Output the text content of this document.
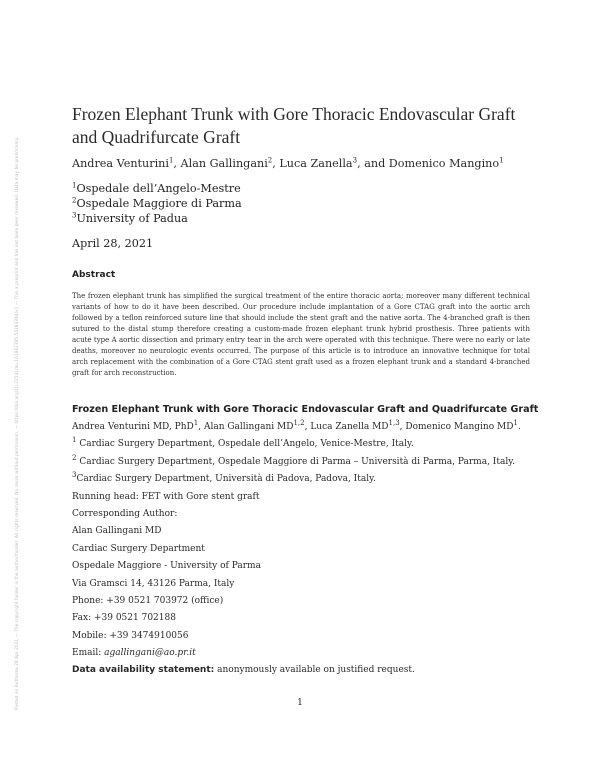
Posted on Authorea 28 Apr 2021 — The copyright holder is the author/funder. All rights reserved. No reuse without permission. — https://doi.org/10.22541/au.161962395.54283394/v1 — This a preprint and has not been peer reviewed. Data may be preliminary.
Frozen Elephant Trunk with Gore Thoracic Endovascular Graft and Quadrifurcate Graft
Andrea Venturini$^1$, Alan Gallingani$^2$, Luca Zanella$^3$, and Domenico Mangino$^1$
$^1$Ospedale dell’Angelo-Mestre
$^2$Ospedale Maggiore di Parma
$^3$University of Padua
April 28, 2021
Abstract
The frozen elephant trunk has simplified the surgical treatment of the entire thoracic aorta; moreover many different technical variants of how to do it have been described. Our procedure include implantation of a Gore CTAG graft into the aortic arch followed by a teflon reinforced suture line that should include the stent graft and the native aorta. The 4-branched graft is then sutured to the distal stump therefore creating a custom-made frozen elephant trunk hybrid prosthesis. Three patients with acute type A aortic dissection and primary entry tear in the arch were operated with this technique. There were no early or late deaths, moreover no neurologic events occurred. The purpose of this article is to introduce an innovative technique for total arch replacement with the combination of a Gore CTAG stent graft used as a frozen elephant trunk and a standard 4-branched graft for arch reconstruction.
Frozen Elephant Trunk with Gore Thoracic Endovascular Graft and Quadrifurcate Graft
Andrea Venturini MD, PhD$^1$, Alan Gallingani MD$^{1,2}$, Luca Zanella MD$^{1,3}$, Domenico Mangino $MD^1$.
$^1$ Cardiac Surgery Department, Ospedale dell’Angelo, Venice-Mestre, Italy.
$^2$ Cardiac Surgery Department, Ospedale Maggiore di Parma – Università di Parma, Parma, Italy.
$^3$Cardiac Surgery Department, Università di Padova, Padova, Italy.
Running head: FET with Gore stent graft
Corresponding Author:
Alan Gallingani MD
Cardiac Surgery Department
Ospedale Maggiore - University of Parma
Via Gramsci 14, 43126 Parma, Italy
Phone: +39 0521 703972 (office)
Fax: +39 0521 702188
Mobile: +39 3474910056
Email: agallingani@ao.pr.it
Data availability statement: anonymously available on justified request.
1
